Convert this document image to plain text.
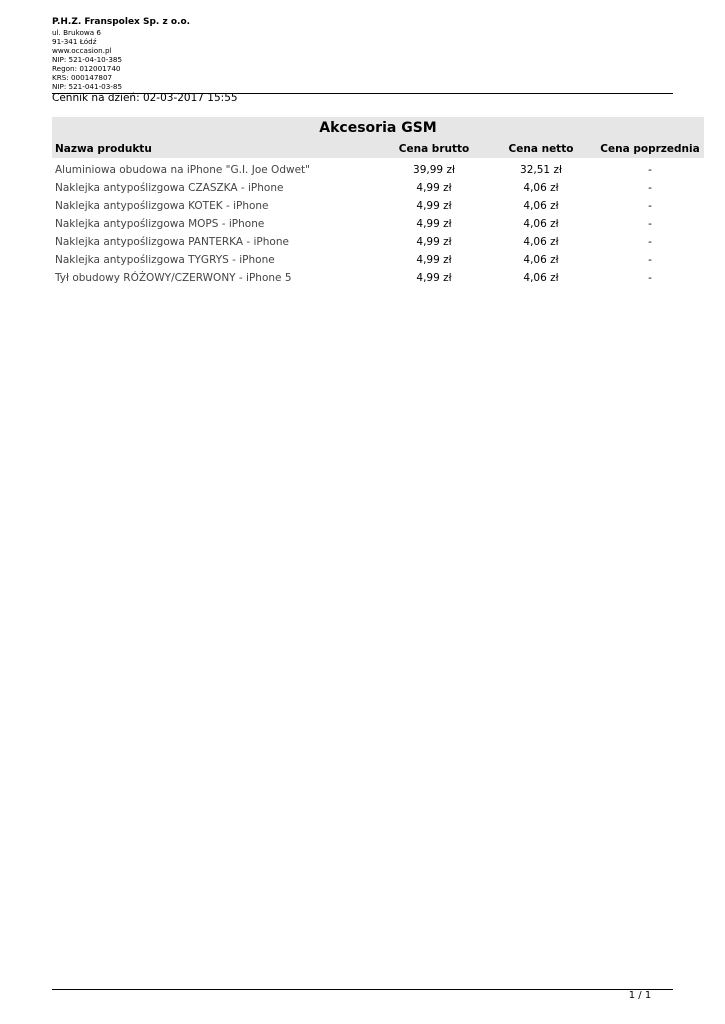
P.H.Z. Franspolex Sp. z o.o.
ul. Brukowa 6
91-341 Łódź
www.occasion.pl
NIP: 521-04-10-385
Regon: 012001740
KRS: 000147807
NIP: 521-041-03-85
Cennik na dzień: 02-03-2017 15:55
Akcesoria GSM
Nazwa produktu	Cena brutto	Cena netto	Cena poprzednia
Aluminiowa obudowa na iPhone "G.I. Joe Odwet"	39,99 zł	32,51 zł	-
Naklejka antypoślizgowa CZASZKA - iPhone	4,99 zł	4,06 zł	-
Naklejka antypoślizgowa KOTEK - iPhone	4,99 zł	4,06 zł	-
Naklejka antypoślizgowa MOPS - iPhone	4,99 zł	4,06 zł	-
Naklejka antypoślizgowa PANTERKA - iPhone	4,99 zł	4,06 zł	-
Naklejka antypoślizgowa TYGRYS - iPhone	4,99 zł	4,06 zł	-
Tył obudowy RÓŻOWY/CZERWONY - iPhone 5	4,99 zł	4,06 zł	-
1 / 1
